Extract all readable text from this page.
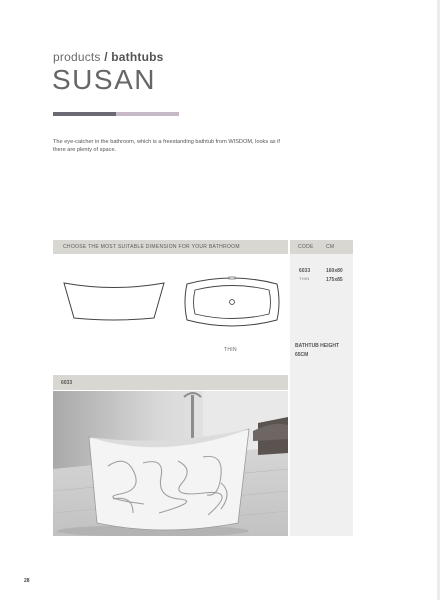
products / bathtubs
SUSAN

The eye-catcher in the bathroom, which is a freestanding bathtub from WISDOM, looks as if there are plenty of space.

CHOOSE THE MOST SUITABLE DIMENSION FOR YOUR BATHROOM	CODE CM
6033
THIN
160x80
175x85
BATHTUB HEIGHT
65CM
THIN
6033
28
